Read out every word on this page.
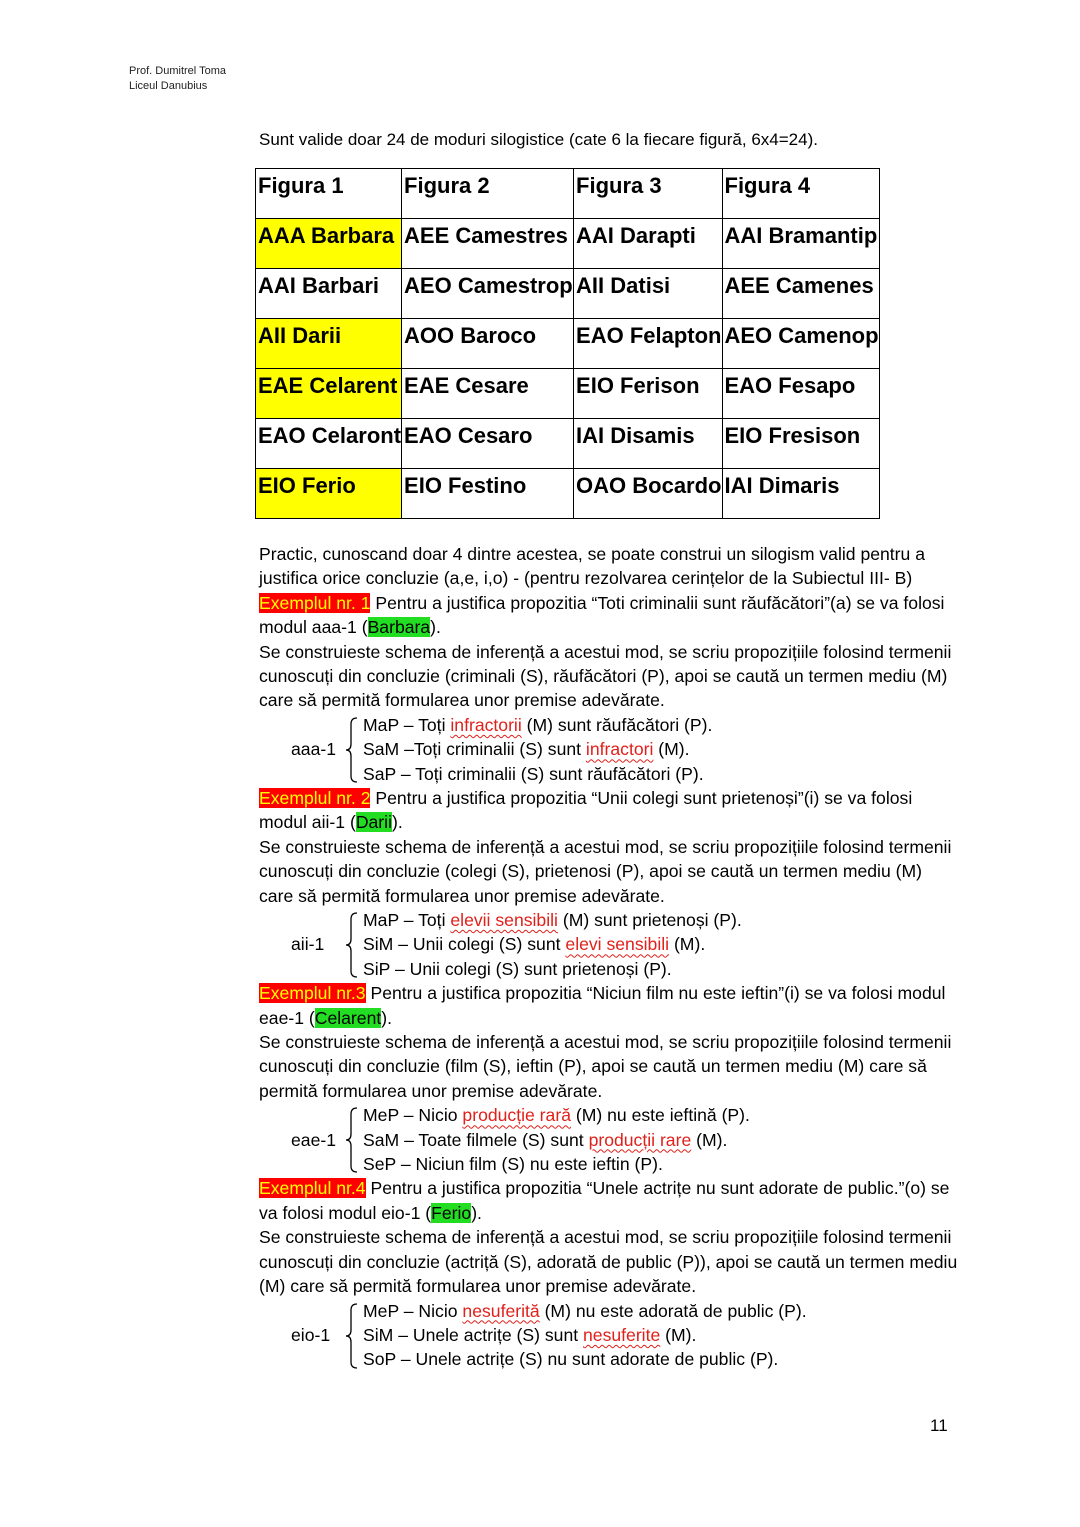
Prof. Dumitrel Toma
Liceul Danubius
Sunt valide doar 24 de moduri silogistice (cate 6 la fiecare figură, 6x4=24).
Figura 1	Figura 2	Figura 3	Figura 4
AAA Barbara	AEE Camestres	AAI Darapti	AAI Bramantip
AAI Barbari	AEO Camestrop	AII Datisi	AEE Camenes
AII Darii	AOO Baroco	EAO Felapton	AEO Camenop
EAE Celarent	EAE Cesare	EIO Ferison	EAO Fesapo
EAO Celaront	EAO Cesaro	IAI Disamis	EIO Fresison
EIO Ferio	EIO Festino	OAO Bocardo	IAI Dimaris

Practic, cunoscand doar 4 dintre acestea, se poate construi un silogism valid pentru a justifica orice concluzie (a,e, i,o) - (pentru rezolvarea cerințelor de la Subiectul III- B)

Exemplul nr. 1 Pentru a justifica propozitia “Toti criminalii sunt răufăcători”(a) se va folosi modul aaa-1 (Barbara).

Se construieste schema de inferență a acestui mod, se scriu propozițiile folosind termenii cunoscuți din concluzie (criminali (S), răufăcători (P), apoi se caută un termen mediu (M) care să permită formularea unor premise adevărate.

aaa-1
MaP – Toți infractorii (M) sunt răufăcători (P).
SaM –Toți criminalii (S) sunt infractori (M).
SaP – Toți criminalii (S) sunt răufăcători (P).

Exemplul nr. 2 Pentru a justifica propozitia “Unii colegi sunt prietenoși”(i) se va folosi modul aii-1 (Darii).

Se construieste schema de inferență a acestui mod, se scriu propozițiile folosind termenii cunoscuți din concluzie (colegi (S), prietenosi (P), apoi se caută un termen mediu (M) care să permită formularea unor premise adevărate.

aii-1
MaP – Toți elevii sensibili (M) sunt prietenoși (P).
SiM – Unii colegi (S) sunt elevi sensibili (M).
SiP – Unii colegi (S) sunt prietenoși (P).

Exemplul nr.3 Pentru a justifica propozitia “Niciun film nu este ieftin”(i) se va folosi modul eae-1 (Celarent).

Se construieste schema de inferență a acestui mod, se scriu propozițiile folosind termenii cunoscuți din concluzie (film (S), ieftin (P), apoi se caută un termen mediu (M) care să permită formularea unor premise adevărate.

eae-1
MeP – Nicio producție rară (M) nu este ieftină (P).
SaM – Toate filmele (S) sunt producții rare (M).
SeP – Niciun film (S) nu este ieftin (P).

Exemplul nr.4 Pentru a justifica propozitia “Unele actrițe nu sunt adorate de public.”(o) se va folosi modul eio-1 (Ferio).

Se construieste schema de inferență a acestui mod, se scriu propozițiile folosind termenii cunoscuți din concluzie (actriță (S), adorată de public (P)), apoi se caută un termen mediu (M) care să permită formularea unor premise adevărate.

eio-1
MeP – Nicio nesuferită (M) nu este adorată de public (P).
SiM – Unele actrițe (S) sunt nesuferite (M).
SoP – Unele actrițe (S) nu sunt adorate de public (P).
11
